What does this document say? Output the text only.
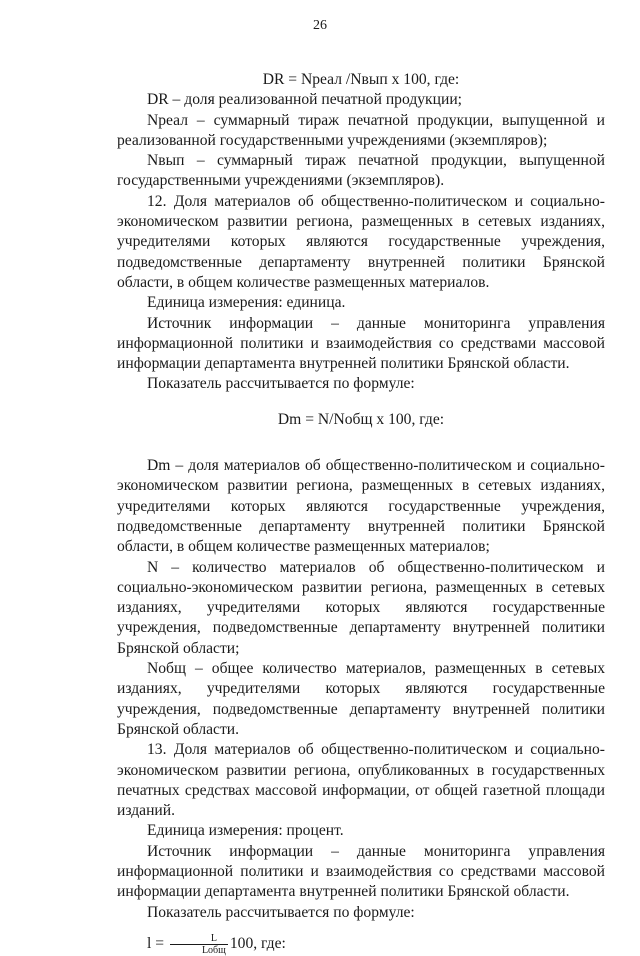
26

DR = Nреал /Nвып х 100, где:

DR – доля реализованной печатной продукции;

Nреал – суммарный тираж печатной продукции, выпущенной и реализованной государственными учреждениями (экземпляров);

Nвып – суммарный тираж печатной продукции, выпущенной государственными учреждениями (экземпляров).

12. Доля материалов об общественно-политическом и социально-экономическом развитии региона, размещенных в сетевых изданиях, учредителями которых являются государственные учреждения, подведомственные департаменту внутренней политики Брянской области, в общем количестве размещенных материалов.

Единица измерения: единица.

Источник информации – данные мониторинга управления информационной политики и взаимодействия со средствами массовой информации департамента внутренней политики Брянской области.

Показатель рассчитывается по формуле:

Dm = N/Nобщ х 100, где:

Dm – доля материалов об общественно-политическом и социально-экономическом развитии региона, размещенных в сетевых изданиях, учредителями которых являются государственные учреждения, подведомственные департаменту внутренней политики Брянской области, в общем количестве размещенных материалов;

N – количество материалов об общественно-политическом и социально-экономическом развитии региона, размещенных в сетевых изданиях, учредителями которых являются государственные учреждения, подведомственные департаменту внутренней политики Брянской области;

Nобщ – общее количество материалов, размещенных в сетевых изданиях, учредителями которых являются государственные учреждения, подведомственные департаменту внутренней политики Брянской области.

13. Доля материалов об общественно-политическом и социально-экономическом развитии региона, опубликованных в государственных печатных средствах массовой информации, от общей газетной площади изданий.

Единица измерения: процент.

Источник информации – данные мониторинга управления информационной политики и взаимодействия со средствами массовой информации департамента внутренней политики Брянской области.

Показатель рассчитывается по формуле:

$l = \frac{L}{\text{Lобщ}} 100$, где:
